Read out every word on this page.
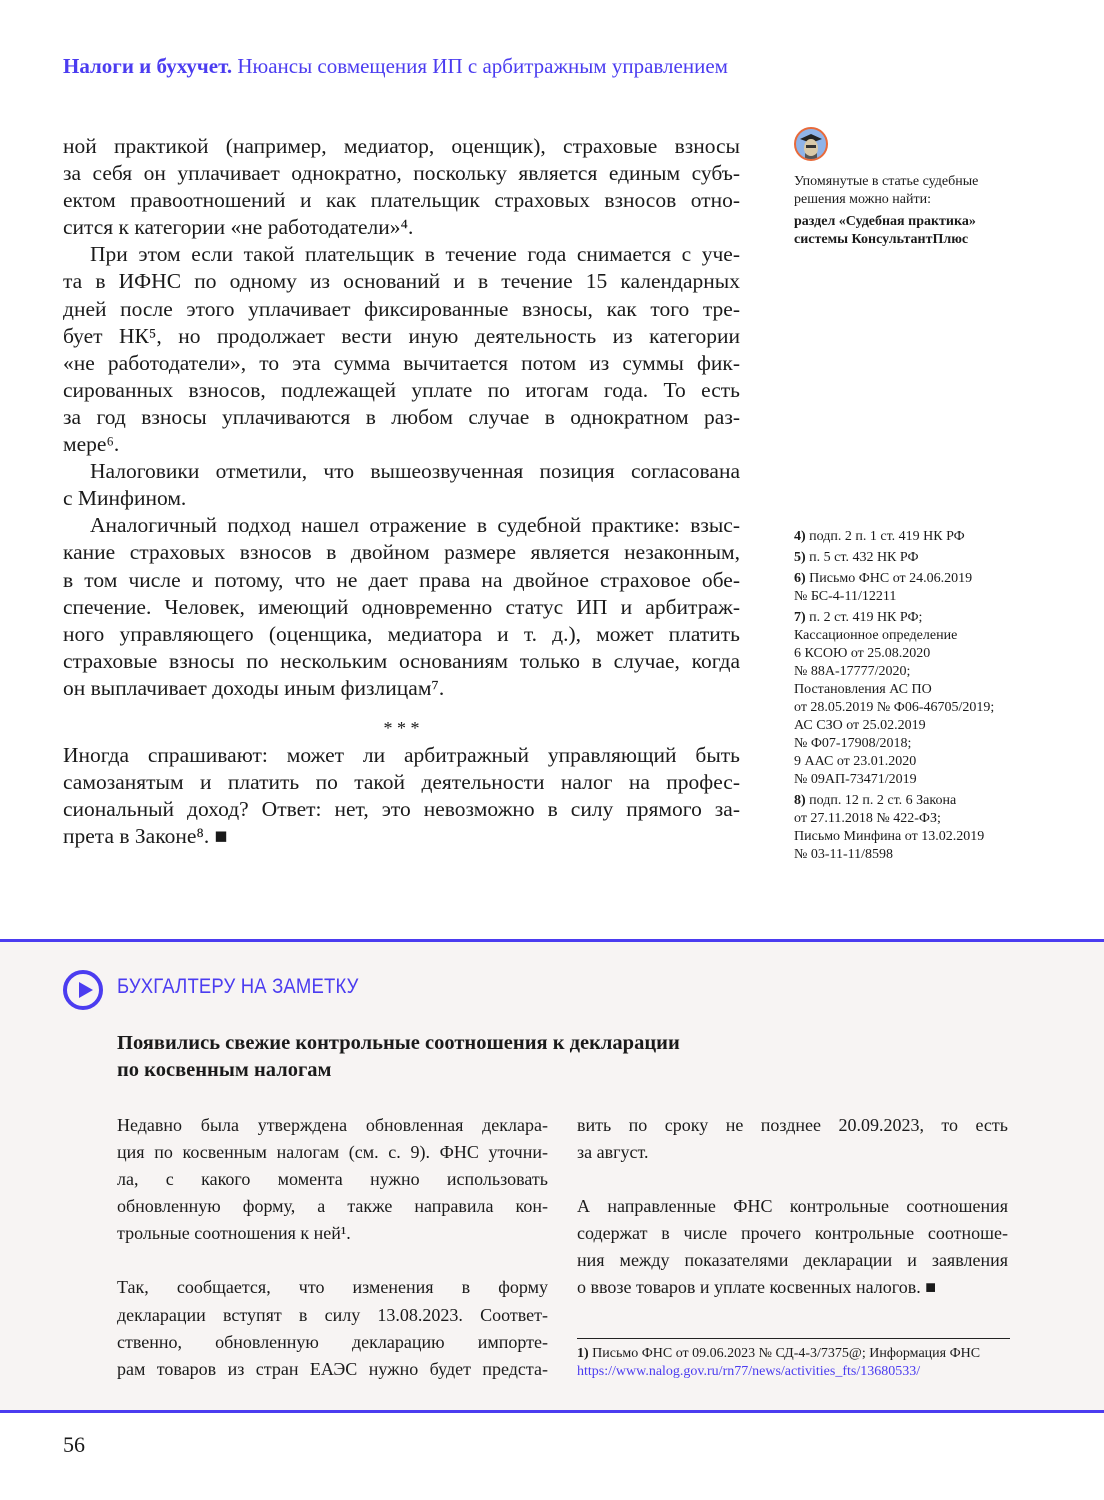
Налоги и бухучет. Нюансы совмещения ИП с арбитражным управлением
ной практикой (например, медиатор, оценщик), страховые взносы
за себя он уплачивает однократно, поскольку является единым субъ-
ектом правоотношений и как плательщик страховых взносов отно-
сится к категории «не работодатели»⁴.
При этом если такой плательщик в течение года снимается с уче-
та в ИФНС по одному из оснований и в течение 15 календарных
дней после этого уплачивает фиксированные взносы, как того тре-
бует НК⁵, но продолжает вести иную деятельность из категории
«не работодатели», то эта сумма вычитается потом из суммы фик-
сированных взносов, подлежащей уплате по итогам года. То есть
за год взносы уплачиваются в любом случае в однократном раз-
мере⁶.
Налоговики отметили, что вышеозвученная позиция согласована
с Минфином.
Аналогичный подход нашел отражение в судебной практике: взыс-
кание страховых взносов в двойном размере является незаконным,
в том числе и потому, что не дает права на двойное страховое обе-
спечение. Человек, имеющий одновременно статус ИП и арбитраж-
ного управляющего (оценщика, медиатора и т. д.), может платить
страховые взносы по нескольким основаниям только в случае, когда
он выплачивает доходы иным физлицам⁷.
* * *
Иногда спрашивают: может ли арбитражный управляющий быть
самозанятым и платить по такой деятельности налог на профес-
сиональный доход? Ответ: нет, это невозможно в силу прямого за-
прета в Законе⁸. ■
Упомянутые в статье судебные решения можно найти:
раздел «Судебная практика» системы КонсультантПлюс
4) подп. 2 п. 1 ст. 419 НК РФ
5) п. 5 ст. 432 НК РФ
6) Письмо ФНС от 24.06.2019
№ БС-4-11/12211
7) п. 2 ст. 419 НК РФ;
Кассационное определение
6 КСОЮ от 25.08.2020
№ 88А-17777/2020;
Постановления АС ПО
от 28.05.2019 № Ф06-46705/2019;
АС СЗО от 25.02.2019
№ Ф07-17908/2018;
9 ААС от 23.01.2020
№ 09АП-73471/2019
8) подп. 12 п. 2 ст. 6 Закона
от 27.11.2018 № 422-ФЗ;
Письмо Минфина от 13.02.2019
№ 03-11-11/8598
БУХГАЛТЕРУ НА ЗАМЕТКУ
Появились свежие контрольные соотношения к декларации
по косвенным налогам
Недавно была утверждена обновленная деклара-
ция по косвенным налогам (см. с. 9). ФНС уточни-
ла, с какого момента нужно использовать
обновленную форму, а также направила кон-
трольные соотношения к ней¹.
Так, сообщается, что изменения в форму
декларации вступят в силу 13.08.2023. Соответ-
ственно, обновленную декларацию импорте-
рам товаров из стран ЕАЭС нужно будет предста-
вить по сроку не позднее 20.09.2023, то есть
за август.
А направленные ФНС контрольные соотношения
содержат в числе прочего контрольные соотноше-
ния между показателями декларации и заявления
о ввозе товаров и уплате косвенных налогов. ■
1) Письмо ФНС от 09.06.2023 № СД-4-3/7375@; Информация ФНС
https://www.nalog.gov.ru/rn77/news/activities_fts/13680533/
56
